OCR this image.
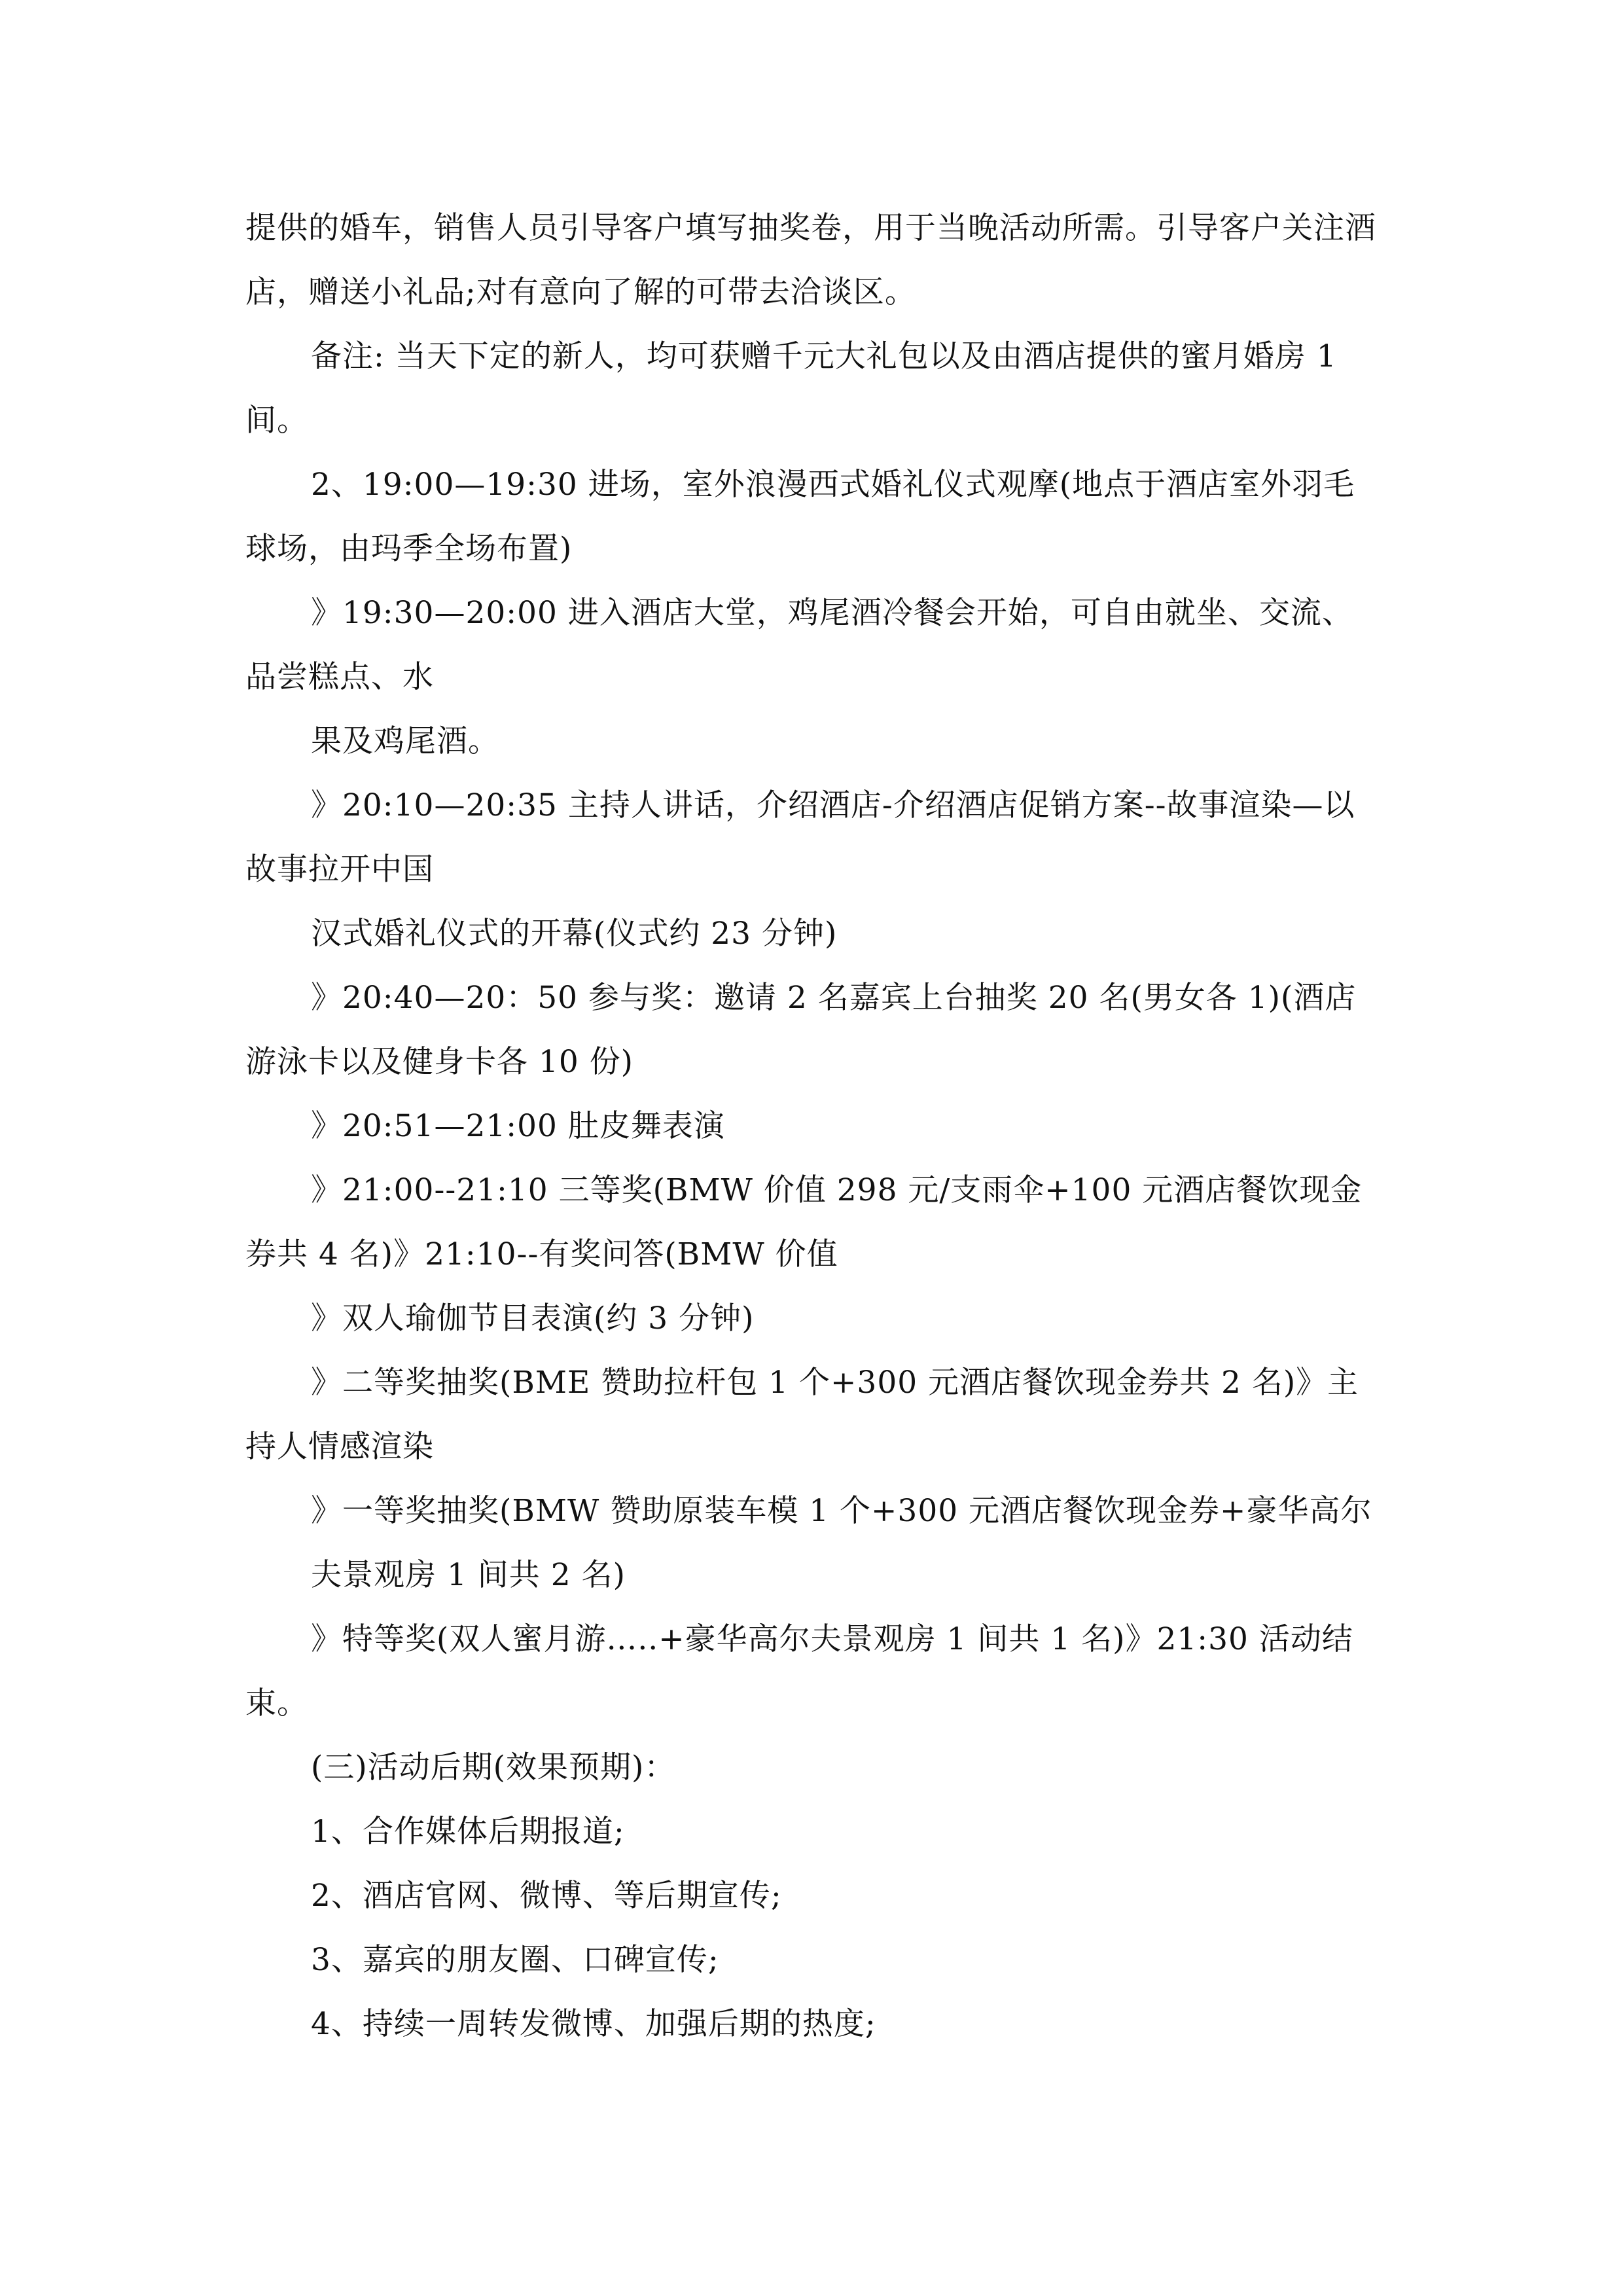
提供的婚车，销售人员引导客户填写抽奖卷，用于当晚活动所需。引导客户关注酒店，赠送小礼品;对有意向了解的可带去洽谈区。

备注: 当天下定的新人，均可获赠千元大礼包以及由酒店提供的蜜月婚房 1 间。

2、19:00—19:30 进场，室外浪漫西式婚礼仪式观摩(地点于酒店室外羽毛球场，由玛季全场布置)

》19:30—20:00 进入酒店大堂，鸡尾酒冷餐会开始，可自由就坐、交流、品尝糕点、水

果及鸡尾酒。

》20:10—20:35 主持人讲话，介绍酒店-介绍酒店促销方案--故事渲染—以故事拉开中国

汉式婚礼仪式的开幕(仪式约 23 分钟)

》20:40—20：50 参与奖：邀请 2 名嘉宾上台抽奖 20 名(男女各 1)(酒店游泳卡以及健身卡各 10 份)

》20:51—21:00 肚皮舞表演

》21:00--21:10 三等奖(BMW 价值 298 元/支雨伞+100 元酒店餐饮现金券共 4 名)》21:10--有奖问答(BMW 价值

》双人瑜伽节目表演(约 3 分钟)

》二等奖抽奖(BME 赞助拉杆包 1 个+300 元酒店餐饮现金券共 2 名)》主持人情感渲染

》一等奖抽奖(BMW 赞助原装车模 1 个+300 元酒店餐饮现金券+豪华高尔

夫景观房 1 间共 2 名)

》特等奖(双人蜜月游…..+豪华高尔夫景观房 1 间共 1 名)》21:30 活动结束。

(三)活动后期(效果预期)：

1、合作媒体后期报道;

2、酒店官网、微博、等后期宣传;

3、嘉宾的朋友圈、口碑宣传;

4、持续一周转发微博、加强后期的热度;
